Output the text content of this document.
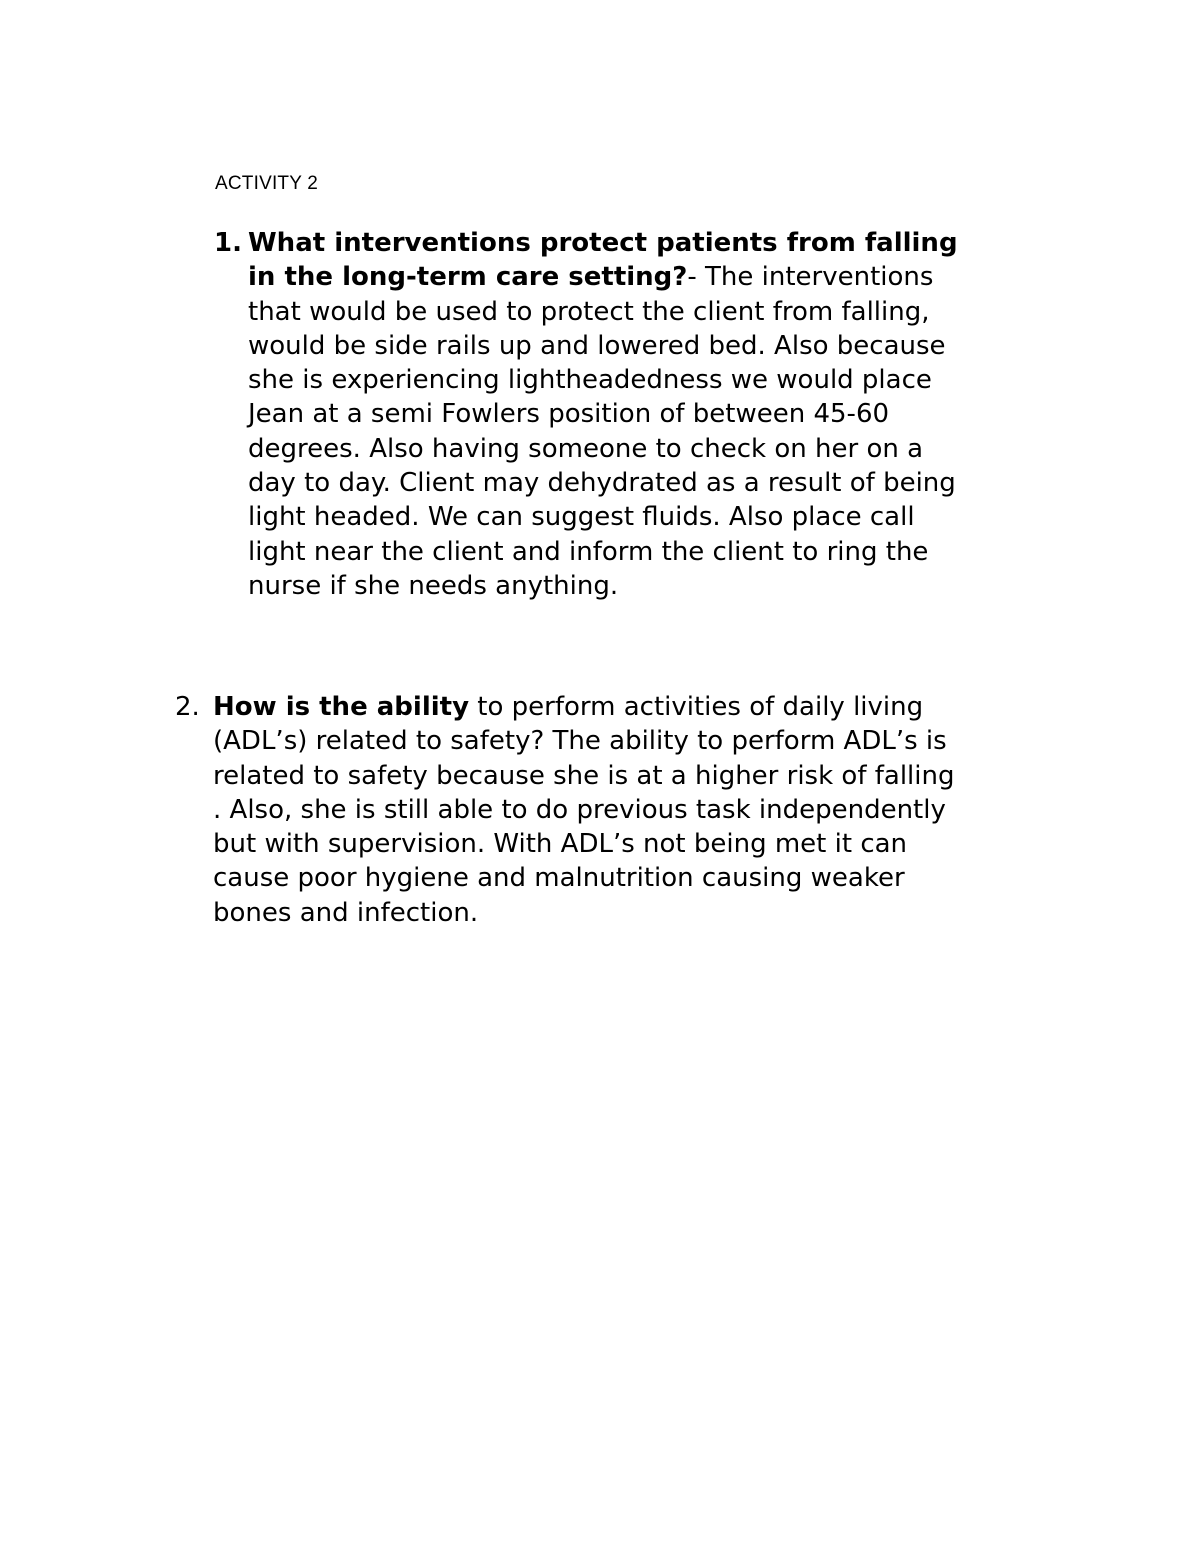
ACTIVITY 2

1. What interventions protect patients from falling
in the long-term care setting?- The interventions
that would be used to protect the client from falling,
would be side rails up and lowered bed. Also because
she is experiencing lightheadedness we would place
Jean at a semi Fowlers position of between 45-60
degrees. Also having someone to check on her on a
day to day. Client may dehydrated as a result of being
light headed. We can suggest fluids. Also place call
light near the client and inform the client to ring the
nurse if she needs anything.
2. How is the ability to perform activities of daily living
(ADL’s) related to safety? The ability to perform ADL’s is
related to safety because she is at a higher risk of falling
. Also, she is still able to do previous task independently
but with supervision. With ADL’s not being met it can
cause poor hygiene and malnutrition causing weaker
bones and infection.
